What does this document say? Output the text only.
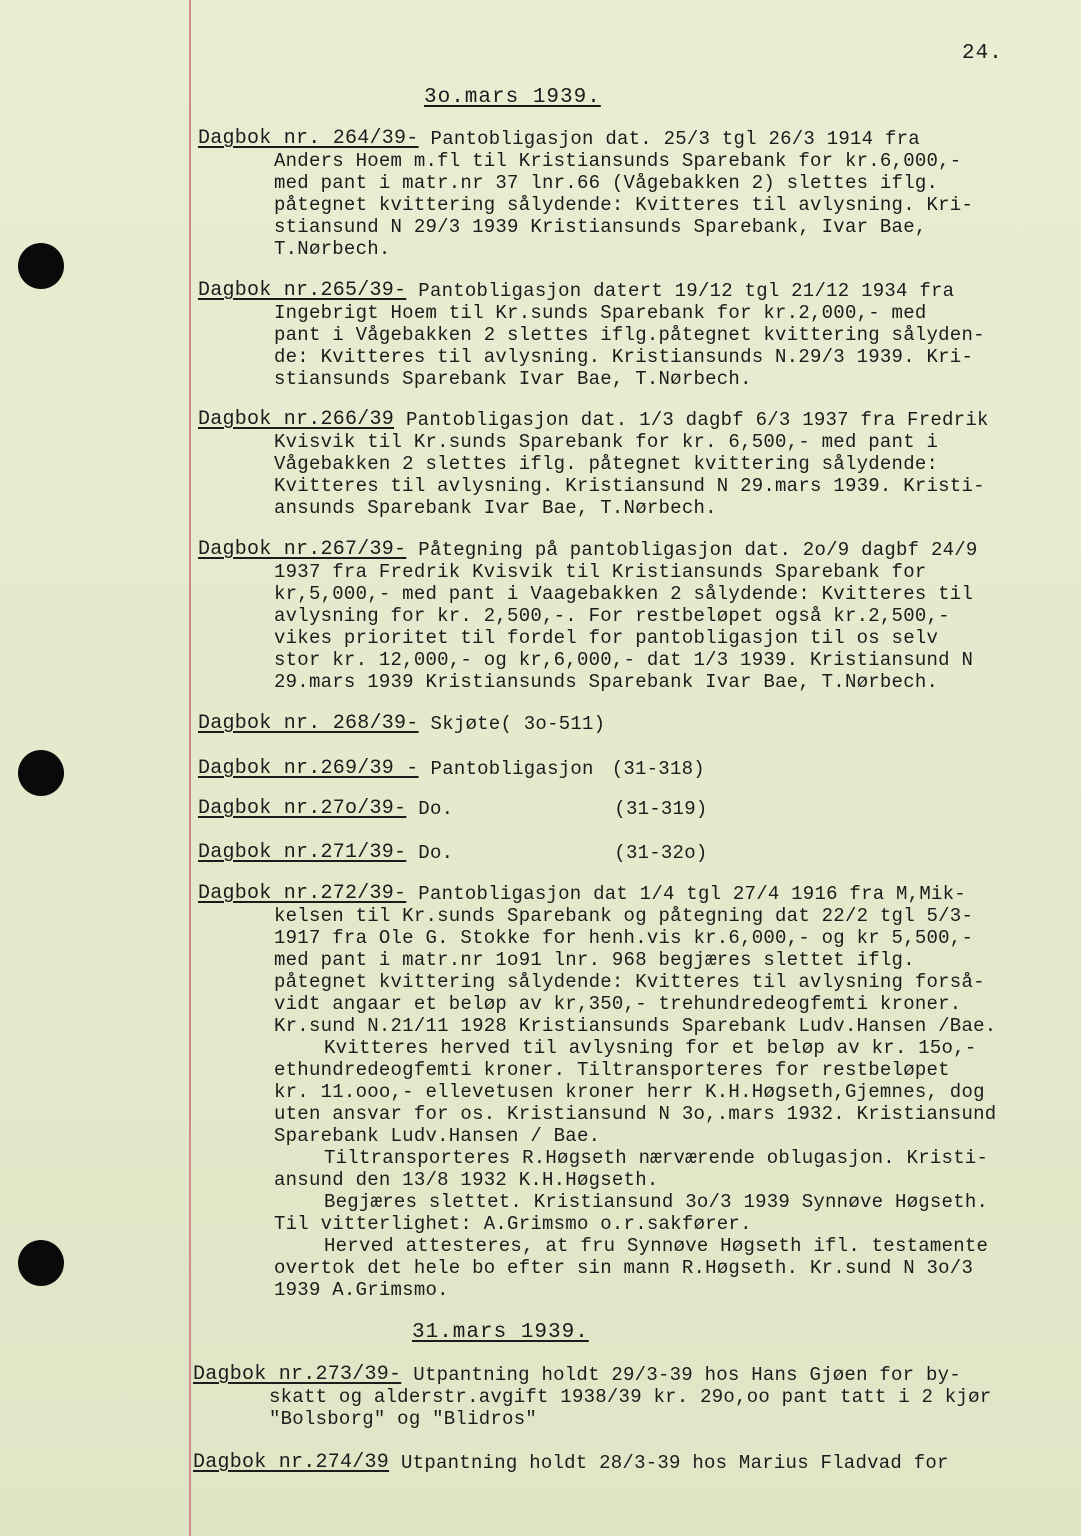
24.
3o.mars 1939.
Dagbok nr. 264/39- Pantobligasjon dat. 25/3 tgl 26/3 1914 fra
Anders Hoem m.fl til Kristiansunds Sparebank for kr.6,000,-
med pant i matr.nr 37 lnr.66 (Vågebakken 2) slettes iflg.
påtegnet kvittering sålydende: Kvitteres til avlysning. Kri-
stiansund N 29/3 1939 Kristiansunds Sparebank, Ivar Bae,
T.Nørbech.
Dagbok nr.265/39- Pantobligasjon datert 19/12 tgl 21/12 1934 fra
Ingebrigt Hoem til Kr.sunds Sparebank for kr.2,000,- med
pant i Vågebakken 2 slettes iflg.påtegnet kvittering sålyden-
de: Kvitteres til avlysning. Kristiansunds N.29/3 1939. Kri-
stiansunds Sparebank Ivar Bae, T.Nørbech.
Dagbok nr.266/39 Pantobligasjon dat. 1/3 dagbf 6/3 1937 fra Fredrik
Kvisvik til Kr.sunds Sparebank for kr. 6,500,- med pant i
Vågebakken 2 slettes iflg. påtegnet kvittering sålydende:
Kvitteres til avlysning. Kristiansund N 29.mars 1939. Kristi-
ansunds Sparebank Ivar Bae, T.Nørbech.
Dagbok nr.267/39- Påtegning på pantobligasjon dat. 2o/9 dagbf 24/9
1937 fra Fredrik Kvisvik til Kristiansunds Sparebank for
kr,5,000,- med pant i Vaagebakken 2 sålydende: Kvitteres til
avlysning for kr. 2,500,-. For restbeløpet også kr.2,500,-
vikes prioritet til fordel for pantobligasjon til os selv
stor kr. 12,000,- og kr,6,000,- dat 1/3 1939. Kristiansund N
29.mars 1939 Kristiansunds Sparebank Ivar Bae, T.Nørbech.
Dagbok nr. 268/39- Skjøte( 3o-511)
Dagbok nr.269/39 - Pantobligasjon (31-318)
Dagbok nr.27o/39- Do.	(31-319)
Dagbok nr.271/39- Do.	(31-32o)
Dagbok nr.272/39- Pantobligasjon dat 1/4 tgl 27/4 1916 fra M,Mik-
kelsen til Kr.sunds Sparebank og påtegning dat 22/2 tgl 5/3-
1917 fra Ole G. Stokke for henh.vis kr.6,000,- og kr 5,500,-
med pant i matr.nr 1o91 lnr. 968 begjæres slettet iflg.
påtegnet kvittering sålydende: Kvitteres til avlysning forså-
vidt angaar et beløp av kr,350,- trehundredeogfemti kroner.
Kr.sund N.21/11 1928 Kristiansunds Sparebank Ludv.Hansen /Bae.
Kvitteres herved til avlysning for et beløp av kr. 15o,-
ethundredeogfemti kroner. Tiltransporteres for restbeløpet
kr. 11.ooo,- ellevetusen kroner herr K.H.Høgseth,Gjemnes, dog
uten ansvar for os. Kristiansund N 3o,.mars 1932. Kristiansund
Sparebank Ludv.Hansen / Bae.
Tiltransporteres R.Høgseth nærværende oblugasjon. Kristi-
ansund den 13/8 1932 K.H.Høgseth.
Begjæres slettet. Kristiansund 3o/3 1939 Synnøve Høgseth.
Til vitterlighet: A.Grimsmo o.r.sakfører.
Herved attesteres, at fru Synnøve Høgseth ifl. testamente
overtok det hele bo efter sin mann R.Høgseth. Kr.sund N 3o/3
1939 A.Grimsmo.
31.mars 1939.
Dagbok nr.273/39- Utpantning holdt 29/3-39 hos Hans Gjøen for by-
skatt og alderstr.avgift 1938/39 kr. 29o,oo pant tatt i 2 kjør
"Bolsborg" og "Blidros"
Dagbok nr.274/39 Utpantning holdt 28/3-39 hos Marius Fladvad for
